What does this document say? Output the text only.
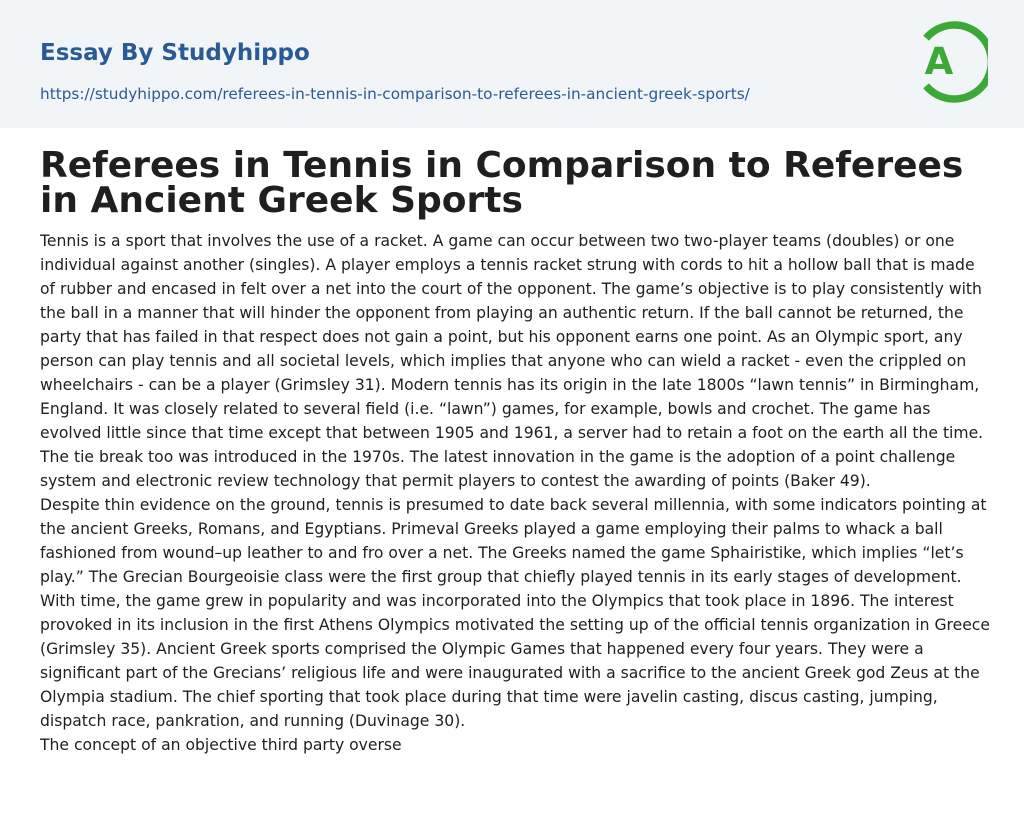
Essay By Studyhippo
https://studyhippo.com/referees-in-tennis-in-comparison-to-referees-in-ancient-greek-sports/
A
Referees in Tennis in Comparison to Referees in Ancient Greek Sports

Tennis is a sport that involves the use of a racket. A game can occur between two two-player teams (doubles) or one individual against another (singles). A player employs a tennis racket strung with cords to hit a hollow ball that is made of rubber and encased in felt over a net into the court of the opponent. The game’s objective is to play consistently with the ball in a manner that will hinder the opponent from playing an authentic return. If the ball cannot be returned, the party that has failed in that respect does not gain a point, but his opponent earns one point. As an Olympic sport, any person can play tennis and all societal levels, which implies that anyone who can wield a racket - even the crippled on wheelchairs - can be a player (Grimsley 31). Modern tennis has its origin in the late 1800s “lawn tennis” in Birmingham, England. It was closely related to several field (i.e. “lawn”) games, for example, bowls and crochet. The game has evolved little since that time except that between 1905 and 1961, a server had to retain a foot on the earth all the time. The tie break too was introduced in the 1970s. The latest innovation in the game is the adoption of a point challenge system and electronic review technology that permit players to contest the awarding of points (Baker 49).

Despite thin evidence on the ground, tennis is presumed to date back several millennia, with some indicators pointing at the ancient Greeks, Romans, and Egyptians. Primeval Greeks played a game employing their palms to whack a ball fashioned from wound–up leather to and fro over a net. The Greeks named the game Sphairistike, which implies “let’s play.” The Grecian Bourgeoisie class were the first group that chiefly played tennis in its early stages of development. With time, the game grew in popularity and was incorporated into the Olympics that took place in 1896. The interest provoked in its inclusion in the first Athens Olympics motivated the setting up of the official tennis organization in Greece (Grimsley 35). Ancient Greek sports comprised the Olympic Games that happened every four years. They were a significant part of the Grecians’ religious life and were inaugurated with a sacrifice to the ancient Greek god Zeus at the Olympia stadium. The chief sporting that took place during that time were javelin casting, discus casting, jumping, dispatch race, pankration, and running (Duvinage 30).

The concept of an objective third party overse
